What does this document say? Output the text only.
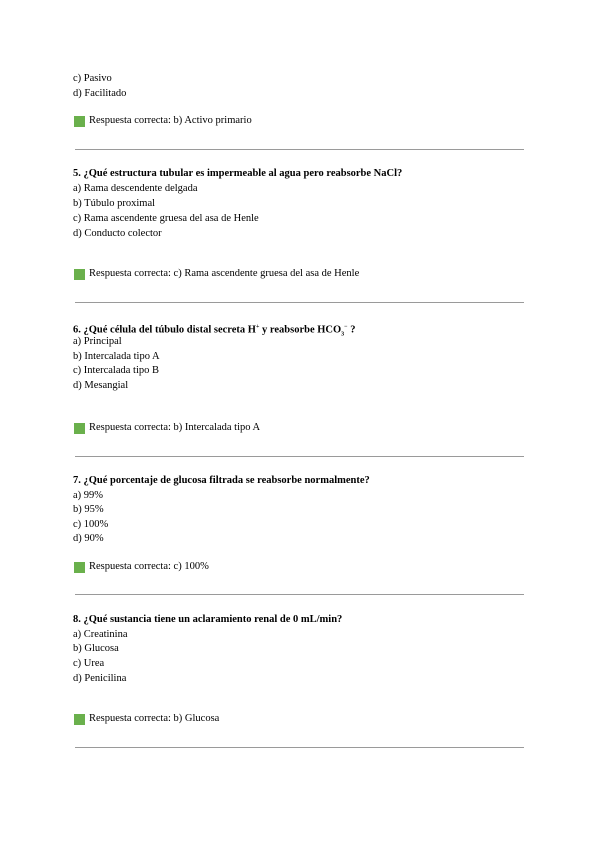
c) Pasivo
d) Facilitado
Respuesta correcta: b) Activo primario
5. ¿Qué estructura tubular es impermeable al agua pero reabsorbe NaCl?
a) Rama descendente delgada
b) Túbulo proximal
c) Rama ascendente gruesa del asa de Henle
d) Conducto colector
Respuesta correcta: c) Rama ascendente gruesa del asa de Henle
6. ¿Qué célula del túbulo distal secreta H+ y reabsorbe $HCO_3^-$ ?
a) Principal
b) Intercalada tipo A
c) Intercalada tipo B
d) Mesangial
Respuesta correcta: b) Intercalada tipo A
7. ¿Qué porcentaje de glucosa filtrada se reabsorbe normalmente?
a) 99%
b) 95%
c) 100%
d) 90%
Respuesta correcta: c) 100%
8. ¿Qué sustancia tiene un aclaramiento renal de 0 mL/min?
a) Creatinina
b) Glucosa
c) Urea
d) Penicilina
Respuesta correcta: b) Glucosa
